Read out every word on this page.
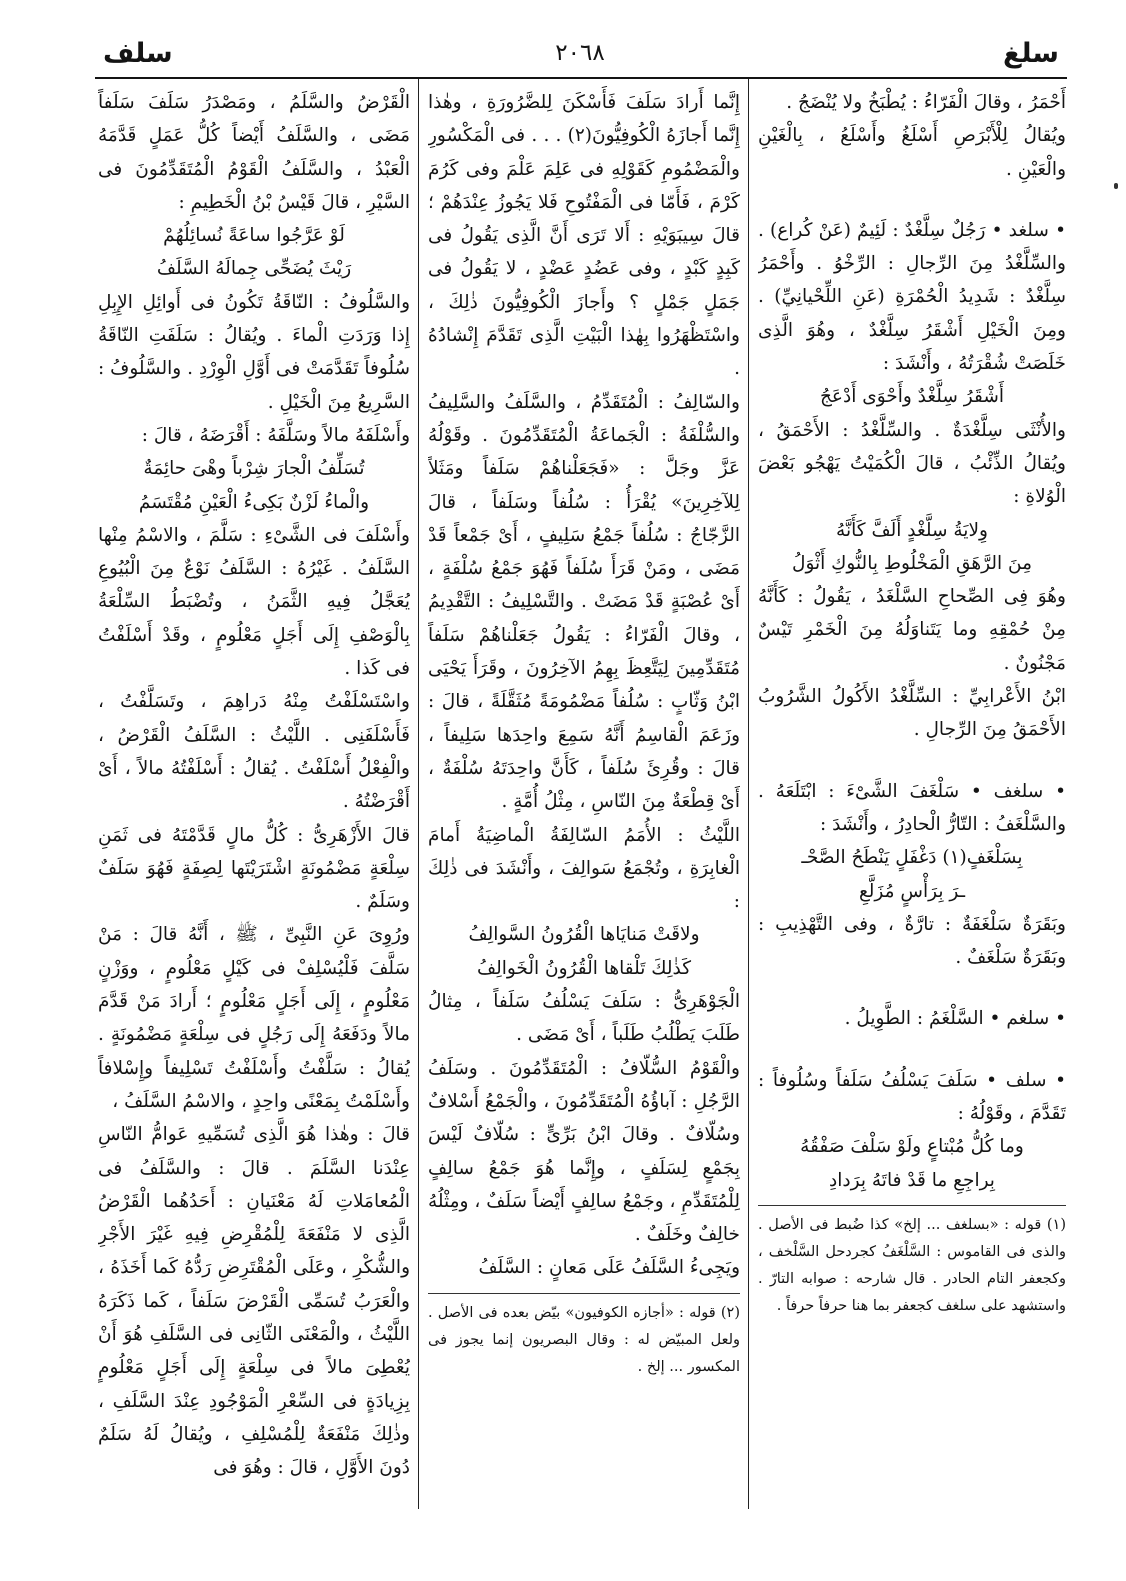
سلغ
٢٠٦٨
سلف

أَحْمَرُ ، وقالَ الْفَرّاءُ : يُطْبَخُ ولا يُنْضَجُ .

ويُقالُ لِلْأَبْرَصِ أَسْلَغُ وأَسْلَعُ ، بِالْغَيْنِ والْعَيْنِ .

• سلغد • رَجُلٌ سِلَّغْدٌ : لَئِيمٌ (عَنْ كُراع) . والسِّلَّغْدُ مِنَ الرِّجالِ : الرِّخْوُ . وأَحْمَرُ سِلَّغْدٌ : شَدِيدُ الْحُمْرَةِ (عَنِ اللِّحْيانِيِّ) . ومِنَ الْخَيْلِ أَشْقَرُ سِلَّغْدٌ ، وهُوَ الَّذِى خَلَصَتْ شُقْرَتُهُ ، وأَنْشَدَ :

أَشْقَرُ سِلَّغْدٌ وأَحْوَى أَدْعَجُ

والأُنْثَى سِلَّغْدَةٌ . والسِّلَّغْدُ : الأَحْمَقُ ، ويُقالُ الذِّئْبُ ، قالَ الْكُمَيْتُ يَهْجُو بَعْضَ الْوُلاةِ :

وِلايَةُ سِلَّغْدٍ أَلَفَّ كَأَنَّهُ

مِنَ الرَّهَقِ الْمَخْلُوطِ بِالنُّوكِ أَثْوَلُ

وهُوَ فِى الصِّحاحِ السَّلْغَدُ ، يَقُولُ : كَأَنَّهُ مِنْ حُمْقِهِ وما يَتَناوَلُهُ مِنَ الْخَمْرِ تَيْسٌ مَجْنُونٌ .

ابْنُ الأَعْرابِيِّ : السِّلَّغْدُ الأَكُولُ الشَّرُوبُ الأَحْمَقُ مِنَ الرِّجالِ .

• سلغف • سَلْغَفَ الشَّىْءَ : ابْتَلَعَهُ . والسَّلْغَفُ : التّارُّ الْحادِرُ ، وأَنْشَدَ :

بِسَلْغَفٍ(١) دَغْفَلٍ يَنْطَحُ الصَّحْـ

ـرَ بِرَأْسٍ مُزَلَّعِ

وبَقَرَةٌ سَلْغَفَةٌ : تارَّةٌ ، وفى التَّهْذِيبِ : وبَقَرَةٌ سَلْغَفٌ .

• سلغم • السَّلْغَمُ : الطَّوِيلُ .

• سلف • سَلَفَ يَسْلُفُ سَلَفاً وسُلُوفاً : تَقَدَّمَ ، وقَوْلُهُ :

وما كُلُّ مُبْتاعٍ ولَوْ سَلْفَ صَفْقُهُ

بِراجِعِ ما قَدْ فاتَهُ بِرَدادِ

(١) قوله : «بسلغف ... إلخ» كذا ضُبط فى الأصل . والذى فى القاموس : السَّلْغَفُ كجردحل السَّلْخف ، وكجعفر التام الحادر . قال شارحه : صوابه التارّ . واستشهد على سلغف كجعفر بما هنا حرفاً حرفاً .

إِنَّما أَرادَ سَلَفَ فَأَسْكَنَ لِلضَّرُورَةِ ، وهٰذا إِنَّما أَجازَهُ الْكُوفِيُّونَ(٢) . . . فى الْمَكْسُورِ والْمَضْمُومِ كَقَوْلِهِ فى عَلِمَ عَلْمَ وفى كَرُمَ كَرْمَ ، فَأَمّا فى الْمَفْتُوحِ فَلا يَجُوزُ عِنْدَهُمْ ؛ قالَ سِيبَوَيْهِ : أَلا تَرَى أَنَّ الَّذِى يَقُولُ فى كَبِدٍ كَبْدٍ ، وفى عَضُدٍ عَضْدٍ ، لا يَقُولُ فى جَمَلٍ جَمْلٍ ؟ وأَجازَ الْكُوفِيُّونَ ذٰلِكَ ، واسْتَظْهَرُوا بِهٰذا الْبَيْتِ الَّذِى تَقَدَّمَ إِنْشادُهُ .

والسّالِفُ : الْمُتَقَدِّمُ ، والسَّلَفُ والسَّلِيفُ والسُّلْفَةُ : الْجَماعَةُ الْمُتَقَدِّمُونَ . وقَوْلُهُ عَزَّ وجَلَّ : «فَجَعَلْناهُمْ سَلَفاً ومَثَلاً لِلآخِرِينَ» يُقْرَأُ : سُلُفاً وسَلَفاً ، قالَ الزَّجّاجُ : سُلُفاً جَمْعُ سَلِيفٍ ، أَىْ جَمْعاً قَدْ مَضَى ، ومَنْ قَرَأَ سُلَفاً فَهُوَ جَمْعُ سُلْفَةٍ ، أَىْ عُصْبَةٍ قَدْ مَضَتْ . والتَّسْلِيفُ : التَّقْدِيمُ ، وقالَ الْفَرّاءُ : يَقُولُ جَعَلْناهُمْ سَلَفاً مُتَقَدِّمِينَ لِيَتَّعِظَ بِهِمُ الآخِرُونَ ، وقَرَأَ يَحْيَى ابْنُ وَثّابٍ : سُلُفاً مَضْمُومَةً مُثَقَّلَةً ، قالَ : وزَعَمَ الْقاسِمُ أَنَّهُ سَمِعَ واحِدَها سَلِيفاً ، قالَ : وقُرِئَ سُلَفاً ، كَأَنَّ واحِدَتَهُ سُلْفَةٌ ، أَىْ قِطْعَةٌ مِنَ النّاسِ ، مِثْلُ أُمَّةٍ .

اللَّيْثُ : الأُمَمُ السّالِفَةُ الْماضِيَةُ أَمامَ الْغابِرَةِ ، وتُجْمَعُ سَوالِفَ ، وأَنْشَدَ فى ذٰلِكَ :

ولاقَتْ مَنايَاها الْقُرُونُ السَّوالِفُ

كَذٰلِكَ تَلْقاها الْقُرُونُ الْخَوالِفُ

الْجَوْهَرِىُّ : سَلَفَ يَسْلُفُ سَلَفاً ، مِثالُ طَلَبَ يَطْلُبُ طَلَباً ، أَىْ مَضَى .

والْقَوْمُ السُّلّافُ : الْمُتَقَدِّمُونَ . وسَلَفُ الرَّجُلِ : آباؤُهُ الْمُتَقَدِّمُونَ ، والْجَمْعُ أَسْلافٌ وسُلّافٌ . وقالَ ابْنُ بَرِّىٍّ : سُلّافٌ لَيْسَ بِجَمْعٍ لِسَلَفٍ ، وإِنَّما هُوَ جَمْعُ سالِفٍ لِلْمُتَقَدِّمِ ، وجَمْعُ سالِفٍ أَيْضاً سَلَفٌ ، ومِثْلُهُ خالِفٌ وخَلَفٌ .

ويَجِىءُ السَّلَفُ عَلَى مَعانٍ : السَّلَفُ

(٢) قوله : «أجازه الكوفيون» بيّض بعده فى الأصل . ولعل المبيّض له : وقال البصريون إنما يجوز فى المكسور ... إلخ .

الْقَرْضُ والسَّلَمُ ، ومَصْدَرُ سَلَفَ سَلَفاً مَضَى ، والسَّلَفُ أَيْضاً كُلُّ عَمَلٍ قَدَّمَهُ الْعَبْدُ ، والسَّلَفُ الْقَوْمُ الْمُتَقَدِّمُونَ فى السَّيْرِ ، قالَ قَيْسُ بْنُ الْخَطِيمِ :

لَوْ عَرَّجُوا ساعَةً نُسائِلُهُمْ

رَيْثَ يُضَحِّى جِمالَهُ السَّلَفُ

والسَّلُوفُ : النّاقَةُ تَكُونُ فى أَوائِلِ الإِبِلِ إِذا وَرَدَتِ الْماءَ . ويُقالُ : سَلَفَتِ النّاقَةُ سُلُوفاً تَقَدَّمَتْ فى أَوَّلِ الْوِرْدِ . والسَّلُوفُ : السَّرِيعُ مِنَ الْخَيْلِ .

وأَسْلَفَهُ مالاً وسَلَّفَهُ : أَقْرَضَهُ ، قالَ :

تُسَلِّفُ الْجارَ شِرْباً وهْىَ حائِمَةٌ

والْماءُ لَزْنٌ بَكِىءُ الْعَيْنِ مُقْتَسَمُ

وأَسْلَفَ فى الشَّىْءِ : سَلَّمَ ، والاسْمُ مِنْها السَّلَفُ . غَيْرُهُ : السَّلَفُ نَوْعٌ مِنَ الْبُيُوعِ يُعَجَّلُ فِيهِ الثَّمَنُ ، وتُضْبَطُ السِّلْعَةُ بِالْوَصْفِ إِلَى أَجَلٍ مَعْلُومٍ ، وقَدْ أَسْلَفْتُ فى كَذا .

واسْتَسْلَفْتُ مِنْهُ دَراهِمَ ، وتَسَلَّفْتُ ، فَأَسْلَفَنِى . اللَّيْثُ : السَّلَفُ الْقَرْضُ ، والْفِعْلُ أَسْلَفْتُ . يُقالُ : أَسْلَفْتُهُ مالاً ، أَىْ أَقْرَضْتُهُ .

قالَ الأَزْهَرِىُّ : كُلُّ مالٍ قَدَّمْتَهُ فى ثَمَنِ سِلْعَةٍ مَضْمُونَةٍ اشْتَرَيْتَها لِصِفَةٍ فَهُوَ سَلَفٌ وسَلَمٌ .

ورُوِىَ عَنِ النَّبِىِّ ، ﷺ ، أَنَّهُ قالَ : مَنْ سَلَّفَ فَلْيُسْلِفْ فى كَيْلٍ مَعْلُومٍ ، ووَزْنٍ مَعْلُومٍ ، إِلَى أَجَلٍ مَعْلُومٍ ؛ أَرادَ مَنْ قَدَّمَ مالاً ودَفَعَهُ إِلَى رَجُلٍ فى سِلْعَةٍ مَضْمُونَةٍ . يُقالُ : سَلَّفْتُ وأَسْلَفْتُ تَسْلِيفاً وإِسْلافاً وأَسْلَمْتُ بِمَعْنًى واحِدٍ ، والاسْمُ السَّلَفُ ،

قالَ : وهٰذا هُوَ الَّذِى تُسَمِّيهِ عَوامُّ النّاسِ عِنْدَنا السَّلَمَ . قالَ : والسَّلَفُ فى الْمُعامَلاتِ لَهُ مَعْنَيانِ : أَحَدُهُما الْقَرْضُ الَّذِى لا مَنْفَعَةَ لِلْمُقْرِضِ فِيهِ غَيْرَ الأَجْرِ والشُّكْرِ ، وعَلَى الْمُقْتَرِضِ رَدُّهُ كَما أَخَذَهُ ، والْعَرَبُ تُسَمِّى الْقَرْضَ سَلَفاً ، كَما ذَكَرَهُ اللَّيْثُ ، والْمَعْنَى الثّانِى فى السَّلَفِ هُوَ أَنْ يُعْطِىَ مالاً فى سِلْعَةٍ إِلَى أَجَلٍ مَعْلُومٍ بِزِيادَةٍ فى السِّعْرِ الْمَوْجُودِ عِنْدَ السَّلَفِ ، وذٰلِكَ مَنْفَعَةٌ لِلْمُسْلِفِ ، ويُقالُ لَهُ سَلَمٌ دُونَ الأَوَّلِ ، قالَ : وهُوَ فى
